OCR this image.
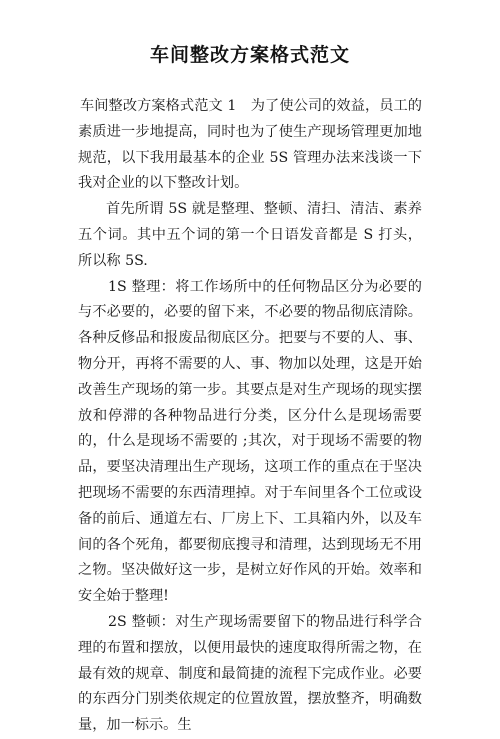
车间整改方案格式范文

车间整改方案格式范文 1　为了使公司的效益，员工的素质进一步地提高，同时也为了使生产现场管理更加地规范，以下我用最基本的企业 5S 管理办法来浅谈一下我对企业的以下整改计划。

首先所谓 5S 就是整理、整顿、清扫、清洁、素养五个词。其中五个词的第一个日语发音都是 S 打头，所以称 5S.

1S 整理：将工作场所中的任何物品区分为必要的与不必要的，必要的留下来，不必要的物品彻底清除。各种反修品和报废品彻底区分。把要与不要的人、事、物分开，再将不需要的人、事、物加以处理，这是开始改善生产现场的第一步。其要点是对生产现场的现实摆放和停滞的各种物品进行分类，区分什么是现场需要的，什么是现场不需要的 ;其次，对于现场不需要的物品，要坚决清理出生产现场，这项工作的重点在于坚决把现场不需要的东西清理掉。对于车间里各个工位或设备的前后、通道左右、厂房上下、工具箱内外，以及车间的各个死角，都要彻底搜寻和清理，达到现场无不用之物。坚决做好这一步，是树立好作风的开始。效率和安全始于整理!

2S 整顿：对生产现场需要留下的物品进行科学合理的布置和摆放，以便用最快的速度取得所需之物，在最有效的规章、制度和最简捷的流程下完成作业。必要的东西分门别类依规定的位置放置，摆放整齐，明确数量，加一标示。生
